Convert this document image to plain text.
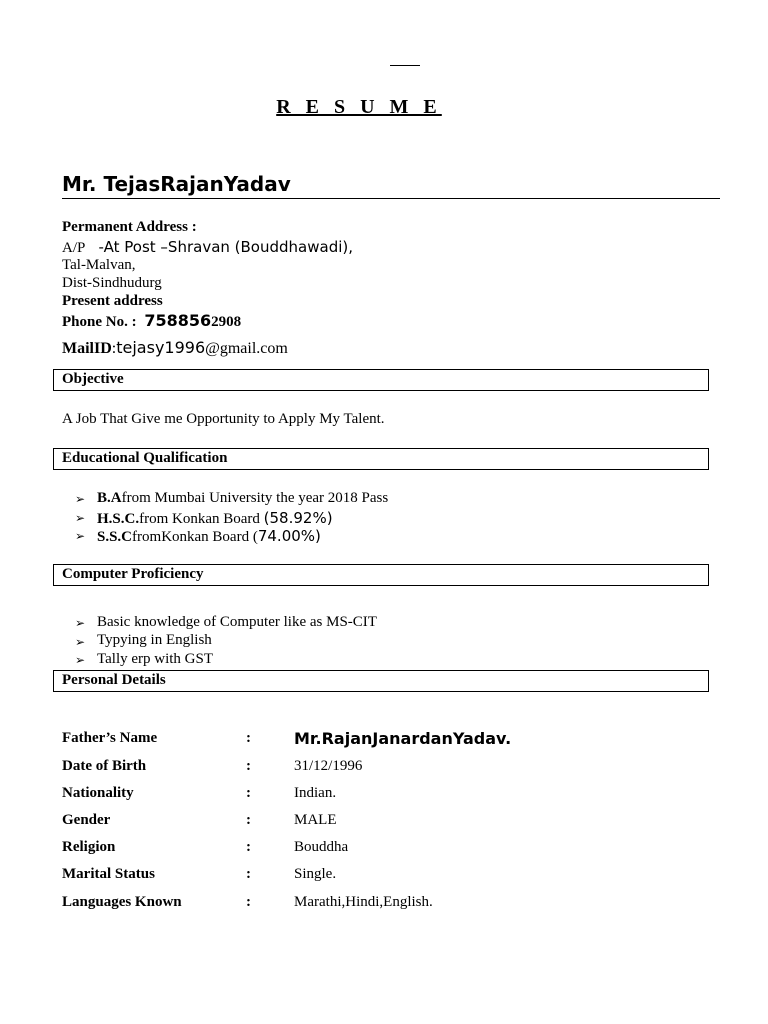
R E S U M E
Mr. TejasRajanYadav
Permanent Address :
A/P -At Post –Shravan (Bouddhawadi),
Tal-Malvan,
Dist-Sindhudurg
Present address
Phone No. : 7588562908
MailID:tejasy1996@gmail.com
Objective
A Job That Give me Opportunity to Apply My Talent.
Educational Qualification
➢ B.Afrom Mumbai University the year 2018 Pass
➢ H.S.C.from Konkan Board (58.92%)
➢ S.S.CfromKonkan Board (74.00%)
Computer Proficiency
➢ Basic knowledge of Computer like as MS-CIT
➢ Typying in English
➢ Tally erp with GST
Personal Details
Father’s Name	:	Mr.RajanJanardanYadav.
Date of Birth	:	31/12/1996
Nationality	:	Indian.
Gender	:	MALE
Religion	:	Bouddha
Marital Status	:	Single.
Languages Known	:	Marathi,Hindi,English.
